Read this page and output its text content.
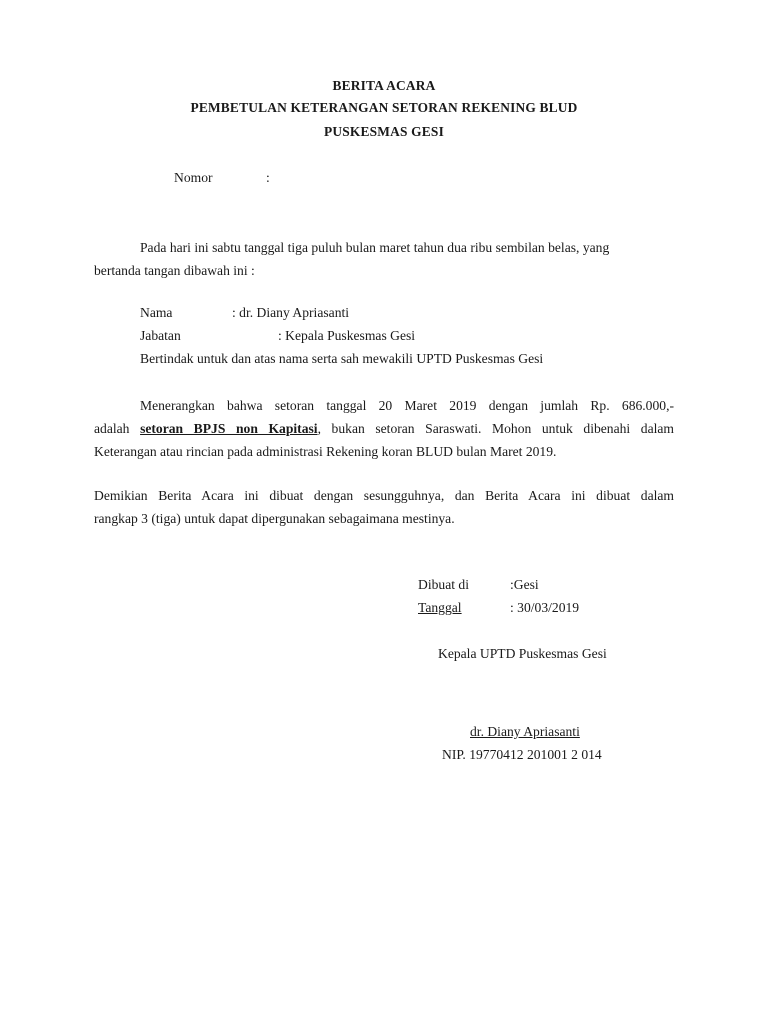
BERITA ACARA
PEMBETULAN KETERANGAN SETORAN REKENING BLUD
PUSKESMAS GESI
Nomor	:
Pada hari ini sabtu tanggal tiga puluh bulan maret tahun dua ribu sembilan belas, yang
bertanda tangan dibawah ini :
Nama	: dr. Diany Apriasanti
Jabatan	: Kepala Puskesmas Gesi
Bertindak untuk dan atas nama serta sah mewakili UPTD Puskesmas Gesi
Menerangkan bahwa setoran tanggal 20 Maret 2019 dengan jumlah Rp. 686.000,-
adalah setoran BPJS non Kapitasi, bukan setoran Saraswati. Mohon untuk dibenahi dalam
Keterangan atau rincian pada administrasi Rekening koran BLUD bulan Maret 2019.
Demikian Berita Acara ini dibuat dengan sesungguhnya, dan Berita Acara ini dibuat dalam
rangkap 3 (tiga) untuk dapat dipergunakan sebagaimana mestinya.
Dibuat di	:Gesi
Tanggal	: 30/03/2019
Kepala UPTD Puskesmas Gesi
dr. Diany Apriasanti
NIP. 19770412 201001 2 014
